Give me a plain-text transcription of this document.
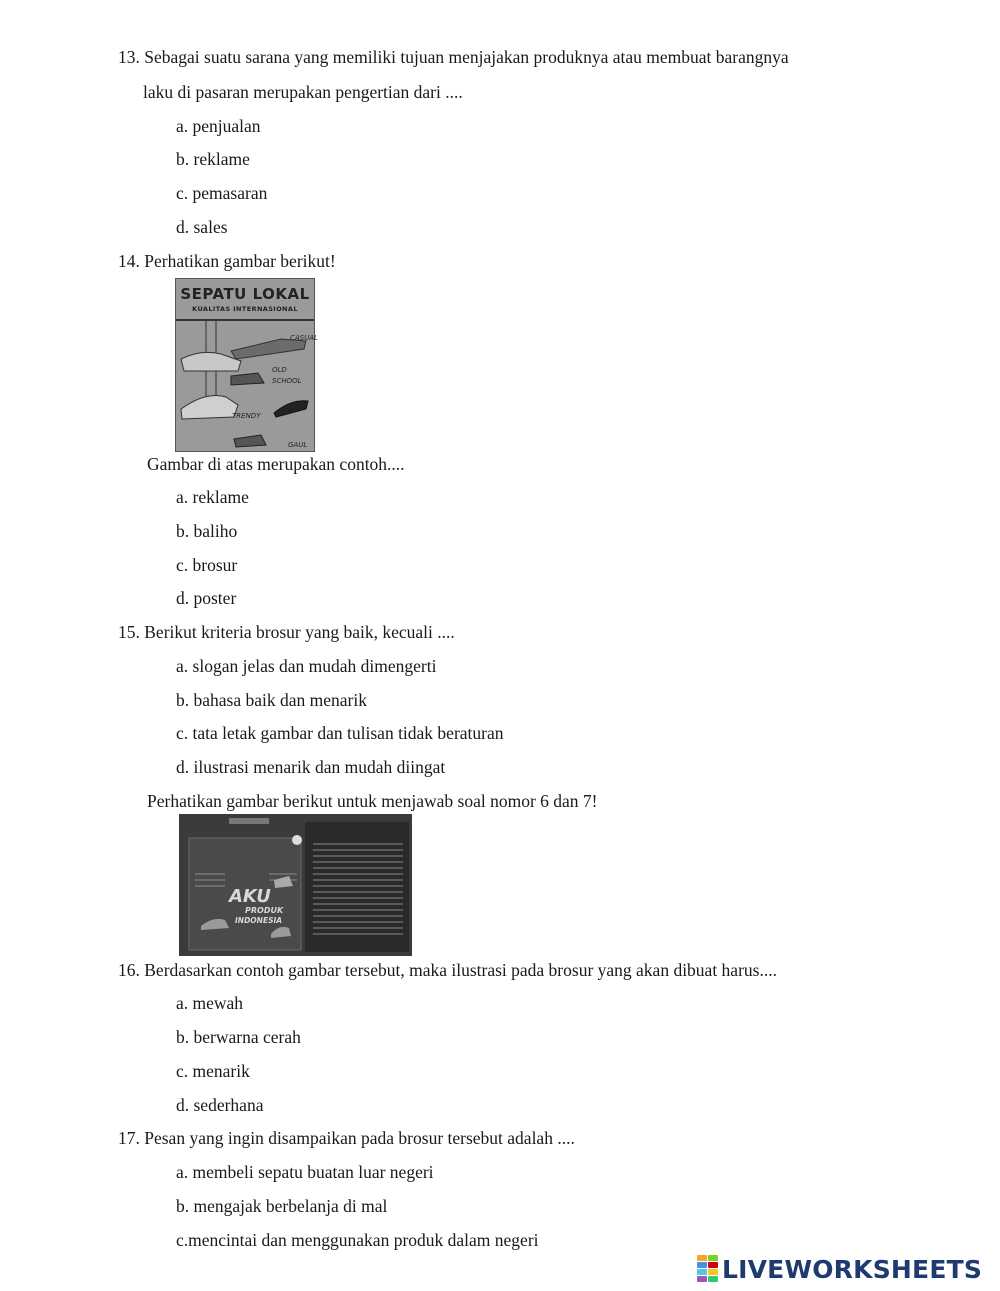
13. Sebagai suatu sarana yang memiliki tujuan menjajakan produknya atau membuat barangnya
laku di pasaran merupakan pengertian dari ....
a. penjualan
b. reklame
c. pemasaran
d. sales
14. Perhatikan gambar berikut!
SEPATU LOKAL
KUALITAS INTERNASIONAL
CASUAL
OLD
SCHOOL
TRENDY
GAUL
Gambar di atas merupakan contoh....
a. reklame
b. baliho
c. brosur
d. poster
15. Berikut kriteria brosur yang baik, kecuali ....
a. slogan jelas dan mudah dimengerti
b. bahasa baik dan menarik
c. tata letak gambar dan tulisan tidak beraturan
d. ilustrasi menarik dan mudah diingat
Perhatikan gambar berikut untuk menjawab soal nomor 6 dan 7!
AKU
PRODUK
INDONESIA
16. Berdasarkan contoh gambar tersebut, maka ilustrasi pada brosur yang akan dibuat harus....
a. mewah
b. berwarna cerah
c. menarik
d. sederhana
17. Pesan yang ingin disampaikan pada brosur tersebut adalah ....
a. membeli sepatu buatan luar negeri
b. mengajak berbelanja di mal
c.mencintai dan menggunakan produk dalam negeri
LIVEWORKSHEETS
